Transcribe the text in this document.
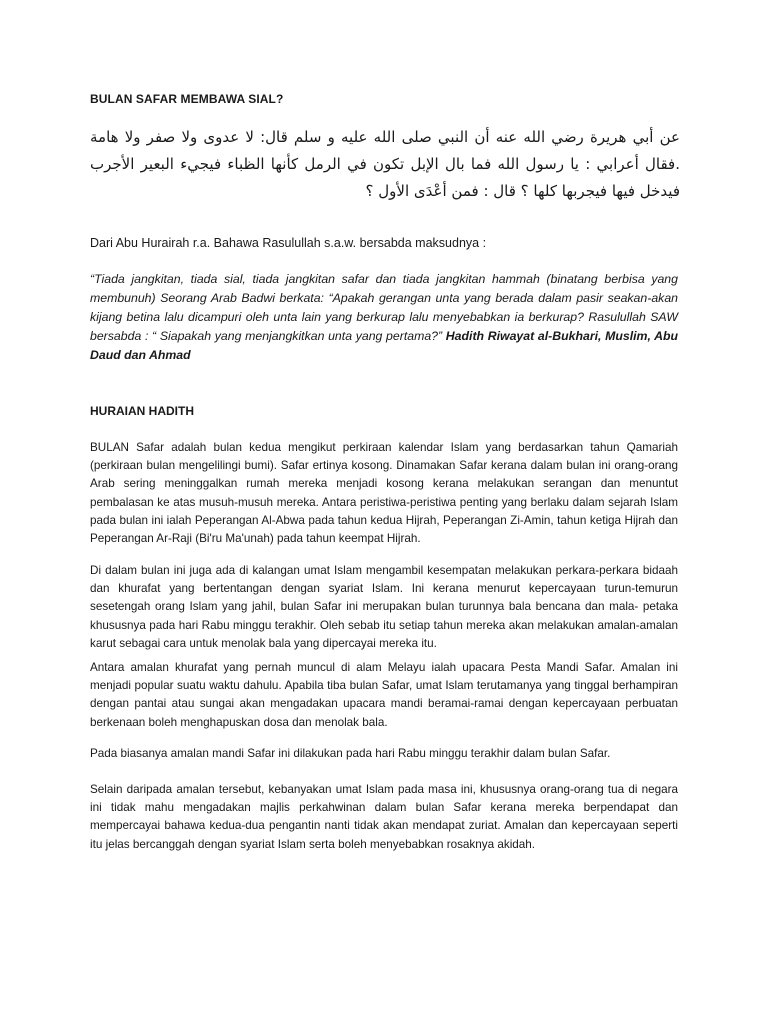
BULAN SAFAR MEMBAWA SIAL?
عن أبي هريرة رضي الله عنه أن النبي صلى الله عليه و سلم قال: لا عدوى ولا صفر ولا هامة .فقال أعرابي : يا رسول الله فما بال الإبل تكون في الرمل كأنها الظباء فيجيء البعير الأجرب فيدخل فيها فيجربها كلها ؟ قال : فمن أعْدَى الأول ؟
Dari Abu Hurairah r.a. Bahawa Rasulullah s.a.w. bersabda maksudnya :
“Tiada jangkitan, tiada sial, tiada jangkitan safar dan tiada jangkitan hammah (binatang berbisa yang membunuh) Seorang Arab Badwi berkata: “Apakah gerangan unta yang berada dalam pasir seakan-akan kijang betina lalu dicampuri oleh unta lain yang berkurap lalu menyebabkan ia berkurap? Rasulullah SAW bersabda : “ Siapakah yang menjangkitkan unta yang pertama?” Hadith Riwayat al-Bukhari, Muslim, Abu Daud dan Ahmad
HURAIAN HADITH
BULAN Safar adalah bulan kedua mengikut perkiraan kalendar Islam yang berdasarkan tahun Qamariah (perkiraan bulan mengelilingi bumi). Safar ertinya kosong. Dinamakan Safar kerana dalam bulan ini orang-orang Arab sering meninggalkan rumah mereka menjadi kosong kerana melakukan serangan dan menuntut pembalasan ke atas musuh-musuh mereka. Antara peristiwa-peristiwa penting yang berlaku dalam sejarah Islam pada bulan ini ialah Peperangan Al-Abwa pada tahun kedua Hijrah, Peperangan Zi-Amin, tahun ketiga Hijrah dan Peperangan Ar-Raji (Bi'ru Ma'unah) pada tahun keempat Hijrah.
Di dalam bulan ini juga ada di kalangan umat Islam mengambil kesempatan melakukan perkara-perkara bidaah dan khurafat yang bertentangan dengan syariat Islam. Ini kerana menurut kepercayaan turun-temurun sesetengah orang Islam yang jahil, bulan Safar ini merupakan bulan turunnya bala bencana dan mala- petaka khususnya pada hari Rabu minggu terakhir. Oleh sebab itu setiap tahun mereka akan melakukan amalan-amalan karut sebagai cara untuk menolak bala yang dipercayai mereka itu.
Antara amalan khurafat yang pernah muncul di alam Melayu ialah upacara Pesta Mandi Safar. Amalan ini menjadi popular suatu waktu dahulu. Apabila tiba bulan Safar, umat Islam terutamanya yang tinggal berhampiran dengan pantai atau sungai akan mengadakan upacara mandi beramai-ramai dengan kepercayaan perbuatan berkenaan boleh menghapuskan dosa dan menolak bala.
Pada biasanya amalan mandi Safar ini dilakukan pada hari Rabu minggu terakhir dalam bulan Safar.
Selain daripada amalan tersebut, kebanyakan umat Islam pada masa ini, khususnya orang-orang tua di negara ini tidak mahu mengadakan majlis perkahwinan dalam bulan Safar kerana mereka berpendapat dan mempercayai bahawa kedua-dua pengantin nanti tidak akan mendapat zuriat. Amalan dan kepercayaan seperti itu jelas bercanggah dengan syariat Islam serta boleh menyebabkan rosaknya akidah.
